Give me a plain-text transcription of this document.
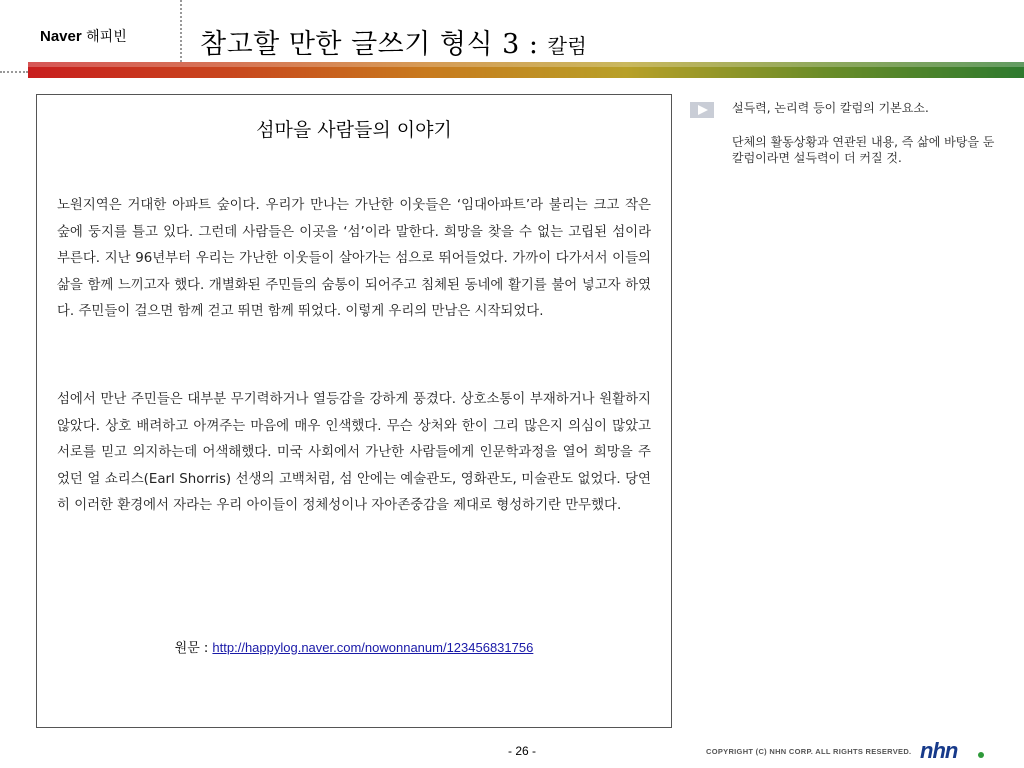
Naver 해피빈	참고할 만한 글쓰기 형식 3 : 칼럼
섬마을 사람들의 이야기
노원지역은 거대한 아파트 숲이다. 우리가 만나는 가난한 이웃들은 ‘임대아파트’라 불리는 크고 작은 숲에 둥지를 틀고 있다. 그런데 사람들은 이곳을 ‘섬’이라 말한다. 희망을 찾을 수 없는 고립된 섬이라 부른다. 지난 96년부터 우리는 가난한 이웃들이 살아가는 섬으로 뛰어들었다. 가까이 다가서서 이들의 삶을 함께 느끼고자 했다. 개별화된 주민들의 숨통이 되어주고 침체된 동네에 활기를 불어 넣고자 하였다. 주민들이 걸으면 함께 걷고 뛰면 함께 뛰었다. 이렇게 우리의 만남은 시작되었다.
섬에서 만난 주민들은 대부분 무기력하거나 열등감을 강하게 풍겼다. 상호소통이 부재하거나 원활하지 않았다. 상호 배려하고 아껴주는 마음에 매우 인색했다. 무슨 상처와 한이 그리 많은지 의심이 많았고 서로를 믿고 의지하는데 어색해했다. 미국 사회에서 가난한 사람들에게 인문학과정을 열어 희망을 주었던 얼 쇼리스(Earl Shorris) 선생의 고백처럼, 섬 안에는 예술관도, 영화관도, 미술관도 없었다. 당연히 이러한 환경에서 자라는 우리 아이들이 정체성이나 자아존중감을 제대로 형성하기란 만무했다.
원문 : http://happylog.naver.com/nowonnanum/123456831756
설득력, 논리력 등이 칼럼의 기본요소.
단체의 활동상황과 연관된 내용, 즉 삶에 바탕을 둔 칼럼이라면 설득력이 더 커질 것.
- 26 -	COPYRIGHT (C) NHN CORP. ALL RIGHTS RESERVED. nhn
